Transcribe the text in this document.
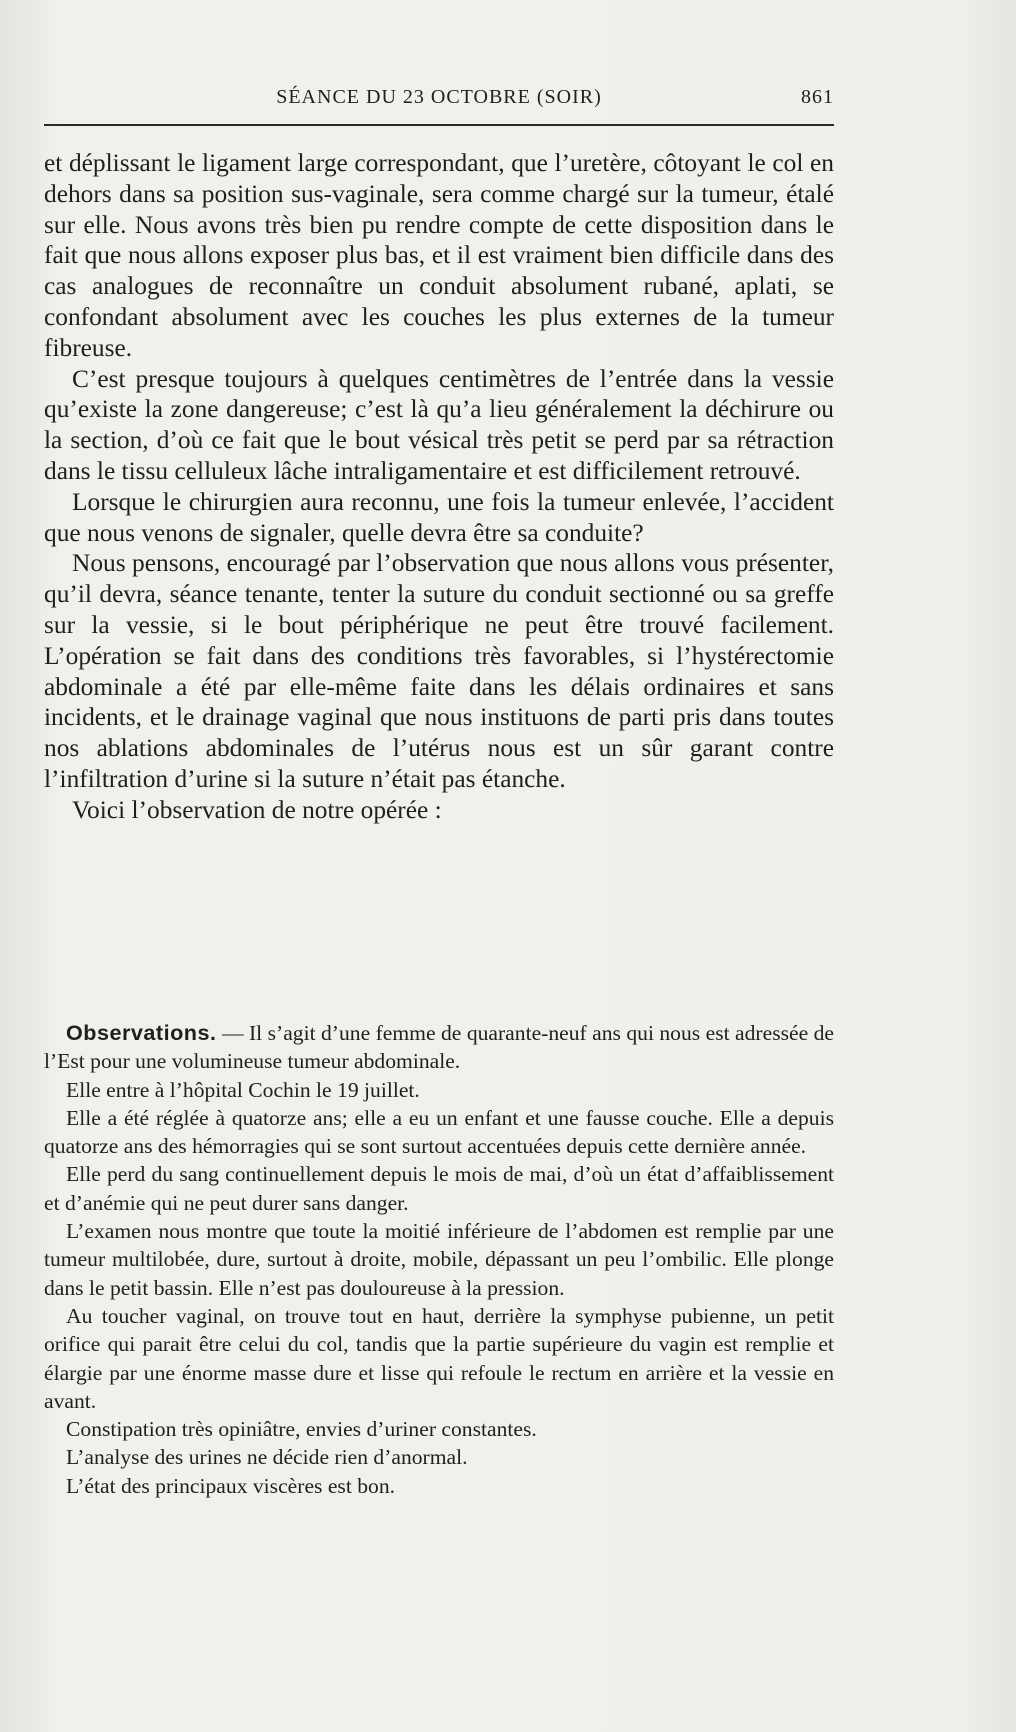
SÉANCE DU 23 OCTOBRE (SOIR)	861

et déplissant le ligament large correspondant, que l’uretère, côtoyant le col en dehors dans sa position sus-vaginale, sera comme chargé sur la tumeur, étalé sur elle. Nous avons très bien pu rendre compte de cette disposition dans le fait que nous allons exposer plus bas, et il est vraiment bien difficile dans des cas analogues de reconnaître un conduit absolument rubané, aplati, se confondant absolument avec les couches les plus externes de la tumeur fibreuse.

C’est presque toujours à quelques centimètres de l’entrée dans la vessie qu’existe la zone dangereuse; c’est là qu’a lieu généralement la déchirure ou la section, d’où ce fait que le bout vésical très petit se perd par sa rétraction dans le tissu celluleux lâche intraligamentaire et est difficilement retrouvé.

Lorsque le chirurgien aura reconnu, une fois la tumeur enlevée, l’accident que nous venons de signaler, quelle devra être sa conduite?

Nous pensons, encouragé par l’observation que nous allons vous présenter, qu’il devra, séance tenante, tenter la suture du conduit sectionné ou sa greffe sur la vessie, si le bout périphérique ne peut être trouvé facilement. L’opération se fait dans des conditions très favorables, si l’hystérectomie abdominale a été par elle-même faite dans les délais ordinaires et sans incidents, et le drainage vaginal que nous instituons de parti pris dans toutes nos ablations abdominales de l’utérus nous est un sûr garant contre l’infiltration d’urine si la suture n’était pas étanche.

Voici l’observation de notre opérée :

Observations. — Il s’agit d’une femme de quarante-neuf ans qui nous est adressée de l’Est pour une volumineuse tumeur abdominale.

Elle entre à l’hôpital Cochin le 19 juillet.

Elle a été réglée à quatorze ans; elle a eu un enfant et une fausse couche. Elle a depuis quatorze ans des hémorragies qui se sont surtout accentuées depuis cette dernière année.

Elle perd du sang continuellement depuis le mois de mai, d’où un état d’affaiblissement et d’anémie qui ne peut durer sans danger.

L’examen nous montre que toute la moitié inférieure de l’abdomen est remplie par une tumeur multilobée, dure, surtout à droite, mobile, dépassant un peu l’ombilic. Elle plonge dans le petit bassin. Elle n’est pas douloureuse à la pression.

Au toucher vaginal, on trouve tout en haut, derrière la symphyse pubienne, un petit orifice qui parait être celui du col, tandis que la partie supérieure du vagin est remplie et élargie par une énorme masse dure et lisse qui refoule le rectum en arrière et la vessie en avant.

Constipation très opiniâtre, envies d’uriner constantes.

L’analyse des urines ne décide rien d’anormal.

L’état des principaux viscères est bon.
